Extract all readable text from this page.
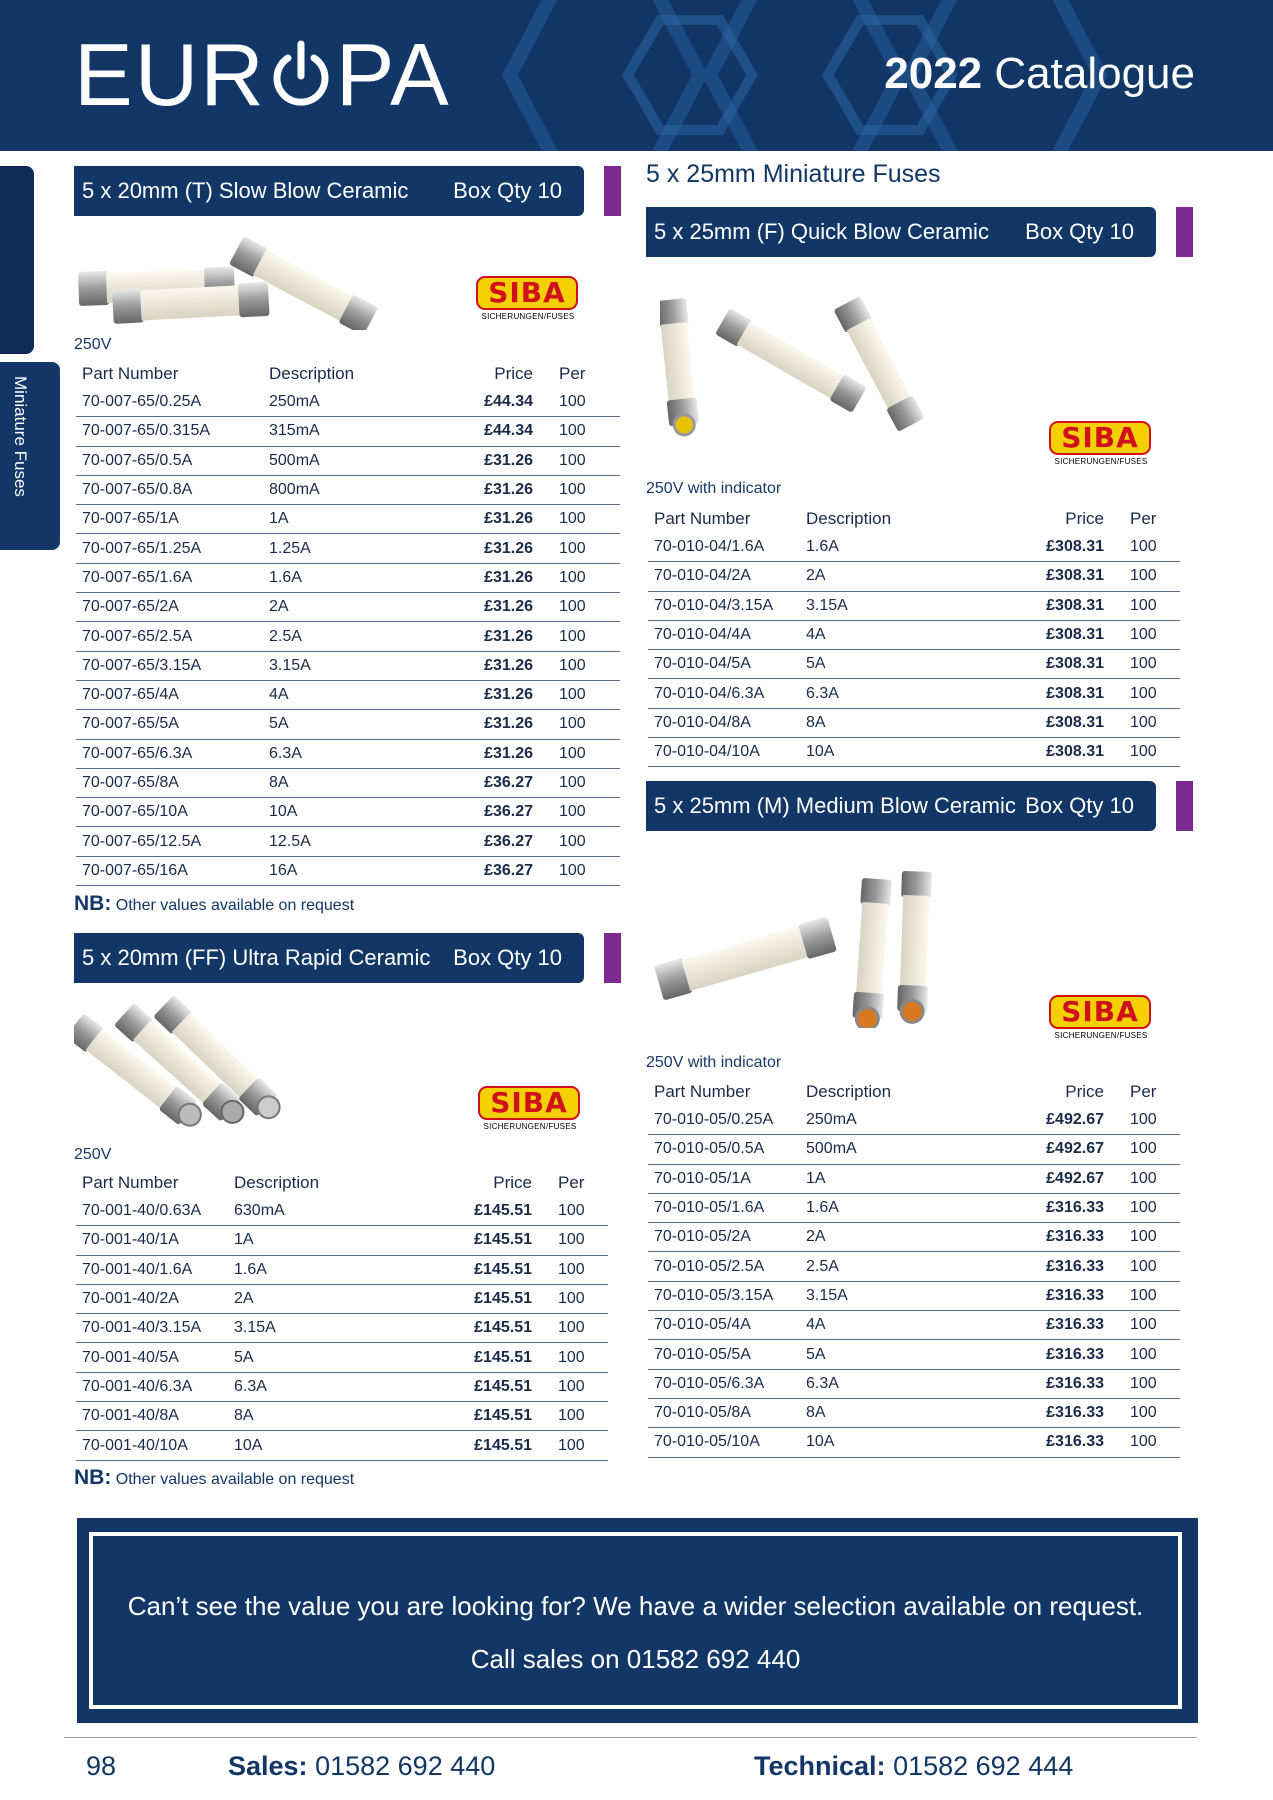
EUR PA	2022 Catalogue
Miniature Fuses
5 x 20mm (T) Slow Blow Ceramic	Box Qty 10
SIBA
SICHERUNGEN/FUSES
250V
Part Number	Description	Price	Per
70-007-65/0.25A	250mA	£44.34	100
70-007-65/0.315A	315mA	£44.34	100
70-007-65/0.5A	500mA	£31.26	100
70-007-65/0.8A	800mA	£31.26	100
70-007-65/1A	1A	£31.26	100
70-007-65/1.25A	1.25A	£31.26	100
70-007-65/1.6A	1.6A	£31.26	100
70-007-65/2A	2A	£31.26	100
70-007-65/2.5A	2.5A	£31.26	100
70-007-65/3.15A	3.15A	£31.26	100
70-007-65/4A	4A	£31.26	100
70-007-65/5A	5A	£31.26	100
70-007-65/6.3A	6.3A	£31.26	100
70-007-65/8A	8A	£36.27	100
70-007-65/10A	10A	£36.27	100
70-007-65/12.5A	12.5A	£36.27	100
70-007-65/16A	16A	£36.27	100
NB: Other values available on request
5 x 20mm (FF) Ultra Rapid Ceramic	Box Qty 10
SIBA
SICHERUNGEN/FUSES
250V
Part Number	Description	Price	Per
70-001-40/0.63A	630mA	£145.51	100
70-001-40/1A	1A	£145.51	100
70-001-40/1.6A	1.6A	£145.51	100
70-001-40/2A	2A	£145.51	100
70-001-40/3.15A	3.15A	£145.51	100
70-001-40/5A	5A	£145.51	100
70-001-40/6.3A	6.3A	£145.51	100
70-001-40/8A	8A	£145.51	100
70-001-40/10A	10A	£145.51	100
NB: Other values available on request
5 x 25mm Miniature Fuses
5 x 25mm (F) Quick Blow Ceramic	Box Qty 10
SIBA
SICHERUNGEN/FUSES
250V with indicator
Part Number	Description	Price	Per
70-010-04/1.6A	1.6A	£308.31	100
70-010-04/2A	2A	£308.31	100
70-010-04/3.15A	3.15A	£308.31	100
70-010-04/4A	4A	£308.31	100
70-010-04/5A	5A	£308.31	100
70-010-04/6.3A	6.3A	£308.31	100
70-010-04/8A	8A	£308.31	100
70-010-04/10A	10A	£308.31	100
5 x 25mm (M) Medium Blow Ceramic Box Qty 10
SIBA
SICHERUNGEN/FUSES
250V with indicator
Part Number	Description	Price	Per
70-010-05/0.25A	250mA	£492.67	100
70-010-05/0.5A	500mA	£492.67	100
70-010-05/1A	1A	£492.67	100
70-010-05/1.6A	1.6A	£316.33	100
70-010-05/2A	2A	£316.33	100
70-010-05/2.5A	2.5A	£316.33	100
70-010-05/3.15A	3.15A	£316.33	100
70-010-05/4A	4A	£316.33	100
70-010-05/5A	5A	£316.33	100
70-010-05/6.3A	6.3A	£316.33	100
70-010-05/8A	8A	£316.33	100
70-010-05/10A	10A	£316.33	100
Can’t see the value you are looking for? We have a wider selection available on request.
Call sales on 01582 692 440
98	Sales: 01582 692 440	Technical: 01582 692 444
